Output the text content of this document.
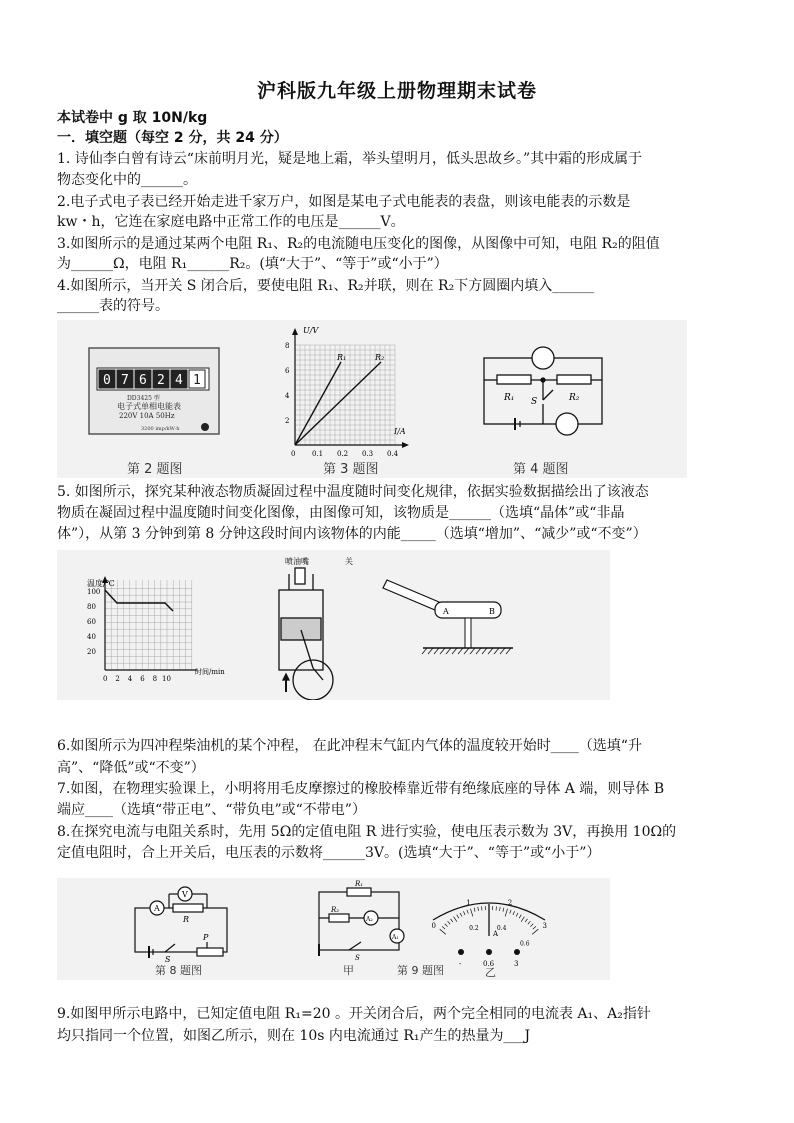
沪科版九年级上册物理期末试卷
本试卷中 g 取 10N/kg
一．填空题（每空 2 分，共 24 分）
1. 诗仙李白曾有诗云“床前明月光，疑是地上霜，举头望明月，低头思故乡。”其中霜的形成属于
物态变化中的______。
2.电子式电子表已经开始走进千家万户，如图是某电子式电能表的表盘，则该电能表的示数是
kw・h，它连在家庭电路中正常工作的电压是______V。
3.如图所示的是通过某两个电阻 R₁、R₂的电流随电压变化的图像，从图像中可知，电阻 R₂的阻值
为______Ω，电阻 R₁______R₂。(填“大于”、“等于”或“小于”）
4.如图所示，当开关 S 闭合后，要使电阻 R₁、R₂并联，则在 R₂下方圆圈内填入______
______表的符号。
0 7 6 2 4 1
DD3425 型
电子式单相电能表
220V 10A 50Hz
3200 imp/kW·h
第 2 题图
U/V
I/A
2
4
6
8
0 0.1 0.2 0.3 0.4
R₁	R₂
第 3 题图
R₁	R₂
S
第 4 题图
5. 如图所示，探究某种液态物质凝固过程中温度随时间变化规律，依据实验数据描绘出了该液态
物质在凝固过程中温度随时间变化图像，由图像可知，该物质是______（选填“晶体”或“非晶
体”），从第 3 分钟到第 8 分钟这段时间内该物体的内能_____（选填“增加”、“减少”或“不变”）
温度/℃
时间/min
100
80
60
40
20
0 2 4 6 8 10
喷油嘴	关
A	B
6.如图所示为四冲程柴油机的某个冲程， 在此冲程末气缸内气体的温度较开始时____（选填“升
高”、“降低”或“不变”）
7.如图，在物理实验课上，小明将用毛皮摩擦过的橡胶棒靠近带有绝缘底座的导体 A 端，则导体 B
端应____（选填“带正电”、“带负电”或“不带电”）
8.在探究电流与电阻关系时，先用 5Ω的定值电阻 R 进行实验，使电压表示数为 3V，再换用 10Ω的
定值电阻时，合上开关后，电压表的示数将______3V。(选填“大于”、“等于”或“小于”）
A
V
R
P
S
第 8 题图
R₁
R₂
A₂
A₁
S
甲	第 9 题图
0
1	2
3
0.2	0.4
0.6
A
-	0.6	3
乙
9.如图甲所示电路中，已知定值电阻 R₁=20 。开关闭合后，两个完全相同的电流表 A₁、A₂指针
均只指同一个位置，如图乙所示，则在 10s 内电流通过 R₁产生的热量为___J
